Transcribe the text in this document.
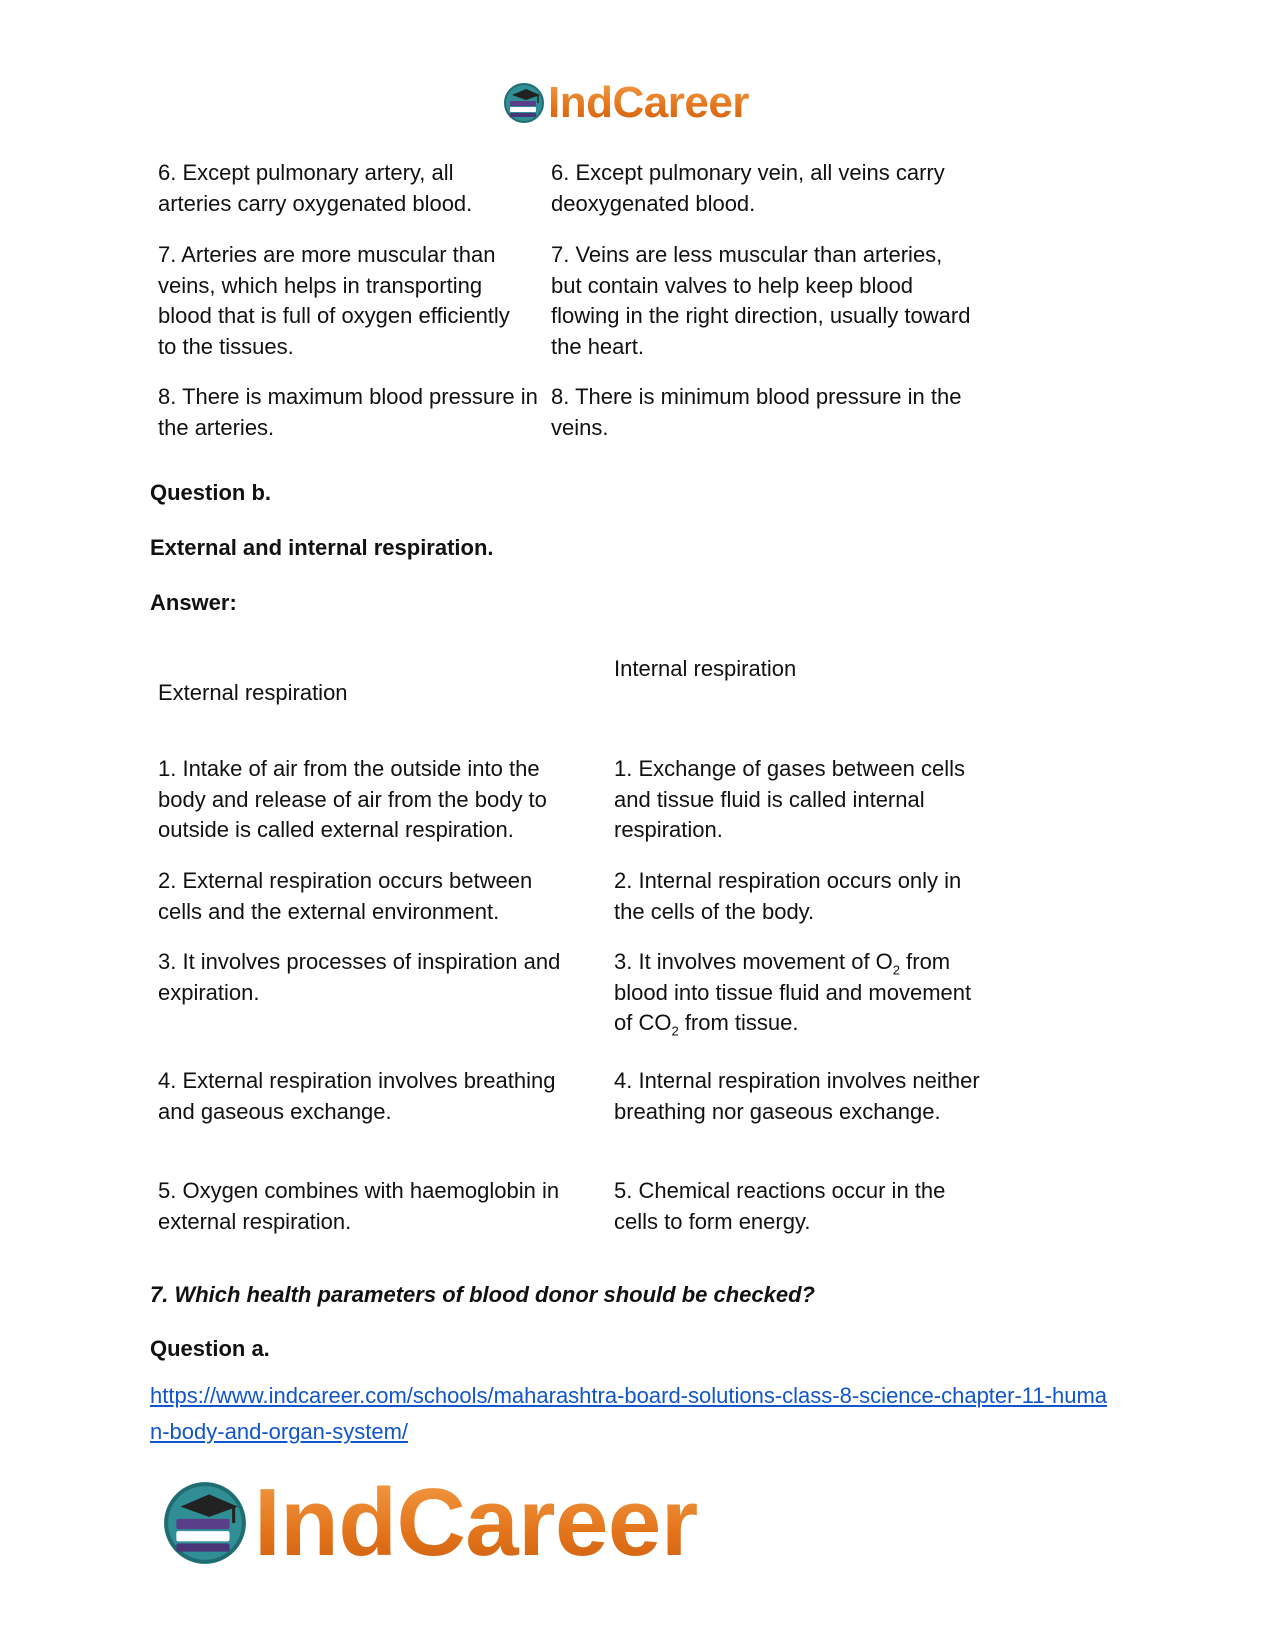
IndCareer
6. Except pulmonary artery, all arteries carry oxygenated blood.
6. Except pulmonary vein, all veins carry deoxygenated blood.
7. Arteries are more muscular than veins, which helps in transporting blood that is full of oxygen efficiently to the tissues.
7. Veins are less muscular than arteries, but contain valves to help keep blood flowing in the right direction, usually toward the heart.
8. There is maximum blood pressure in the arteries.
8. There is minimum blood pressure in the veins.
Question b.
External and internal respiration.
Answer:
External respiration
Internal respiration
1. Intake of air from the outside into the body and release of air from the body to outside is called external respiration.
1. Exchange of gases between cells and tissue fluid is called internal respiration.
2. External respiration occurs between cells and the external environment.
2. Internal respiration occurs only in the cells of the body.
3. It involves processes of inspiration and expiration.
3. It involves movement of $O_2$ from blood into tissue fluid and movement of $CO_2$ from tissue.
4. External respiration involves breathing and gaseous exchange.
4. Internal respiration involves neither breathing nor gaseous exchange.
5. Oxygen combines with haemoglobin in external respiration.
5. Chemical reactions occur in the cells to form energy.
7. Which health parameters of blood donor should be checked?
Question a.
https://www.indcareer.com/schools/maharashtra-board-solutions-class-8-science-chapter-11-human-body-and-organ-system/
IndCareer
